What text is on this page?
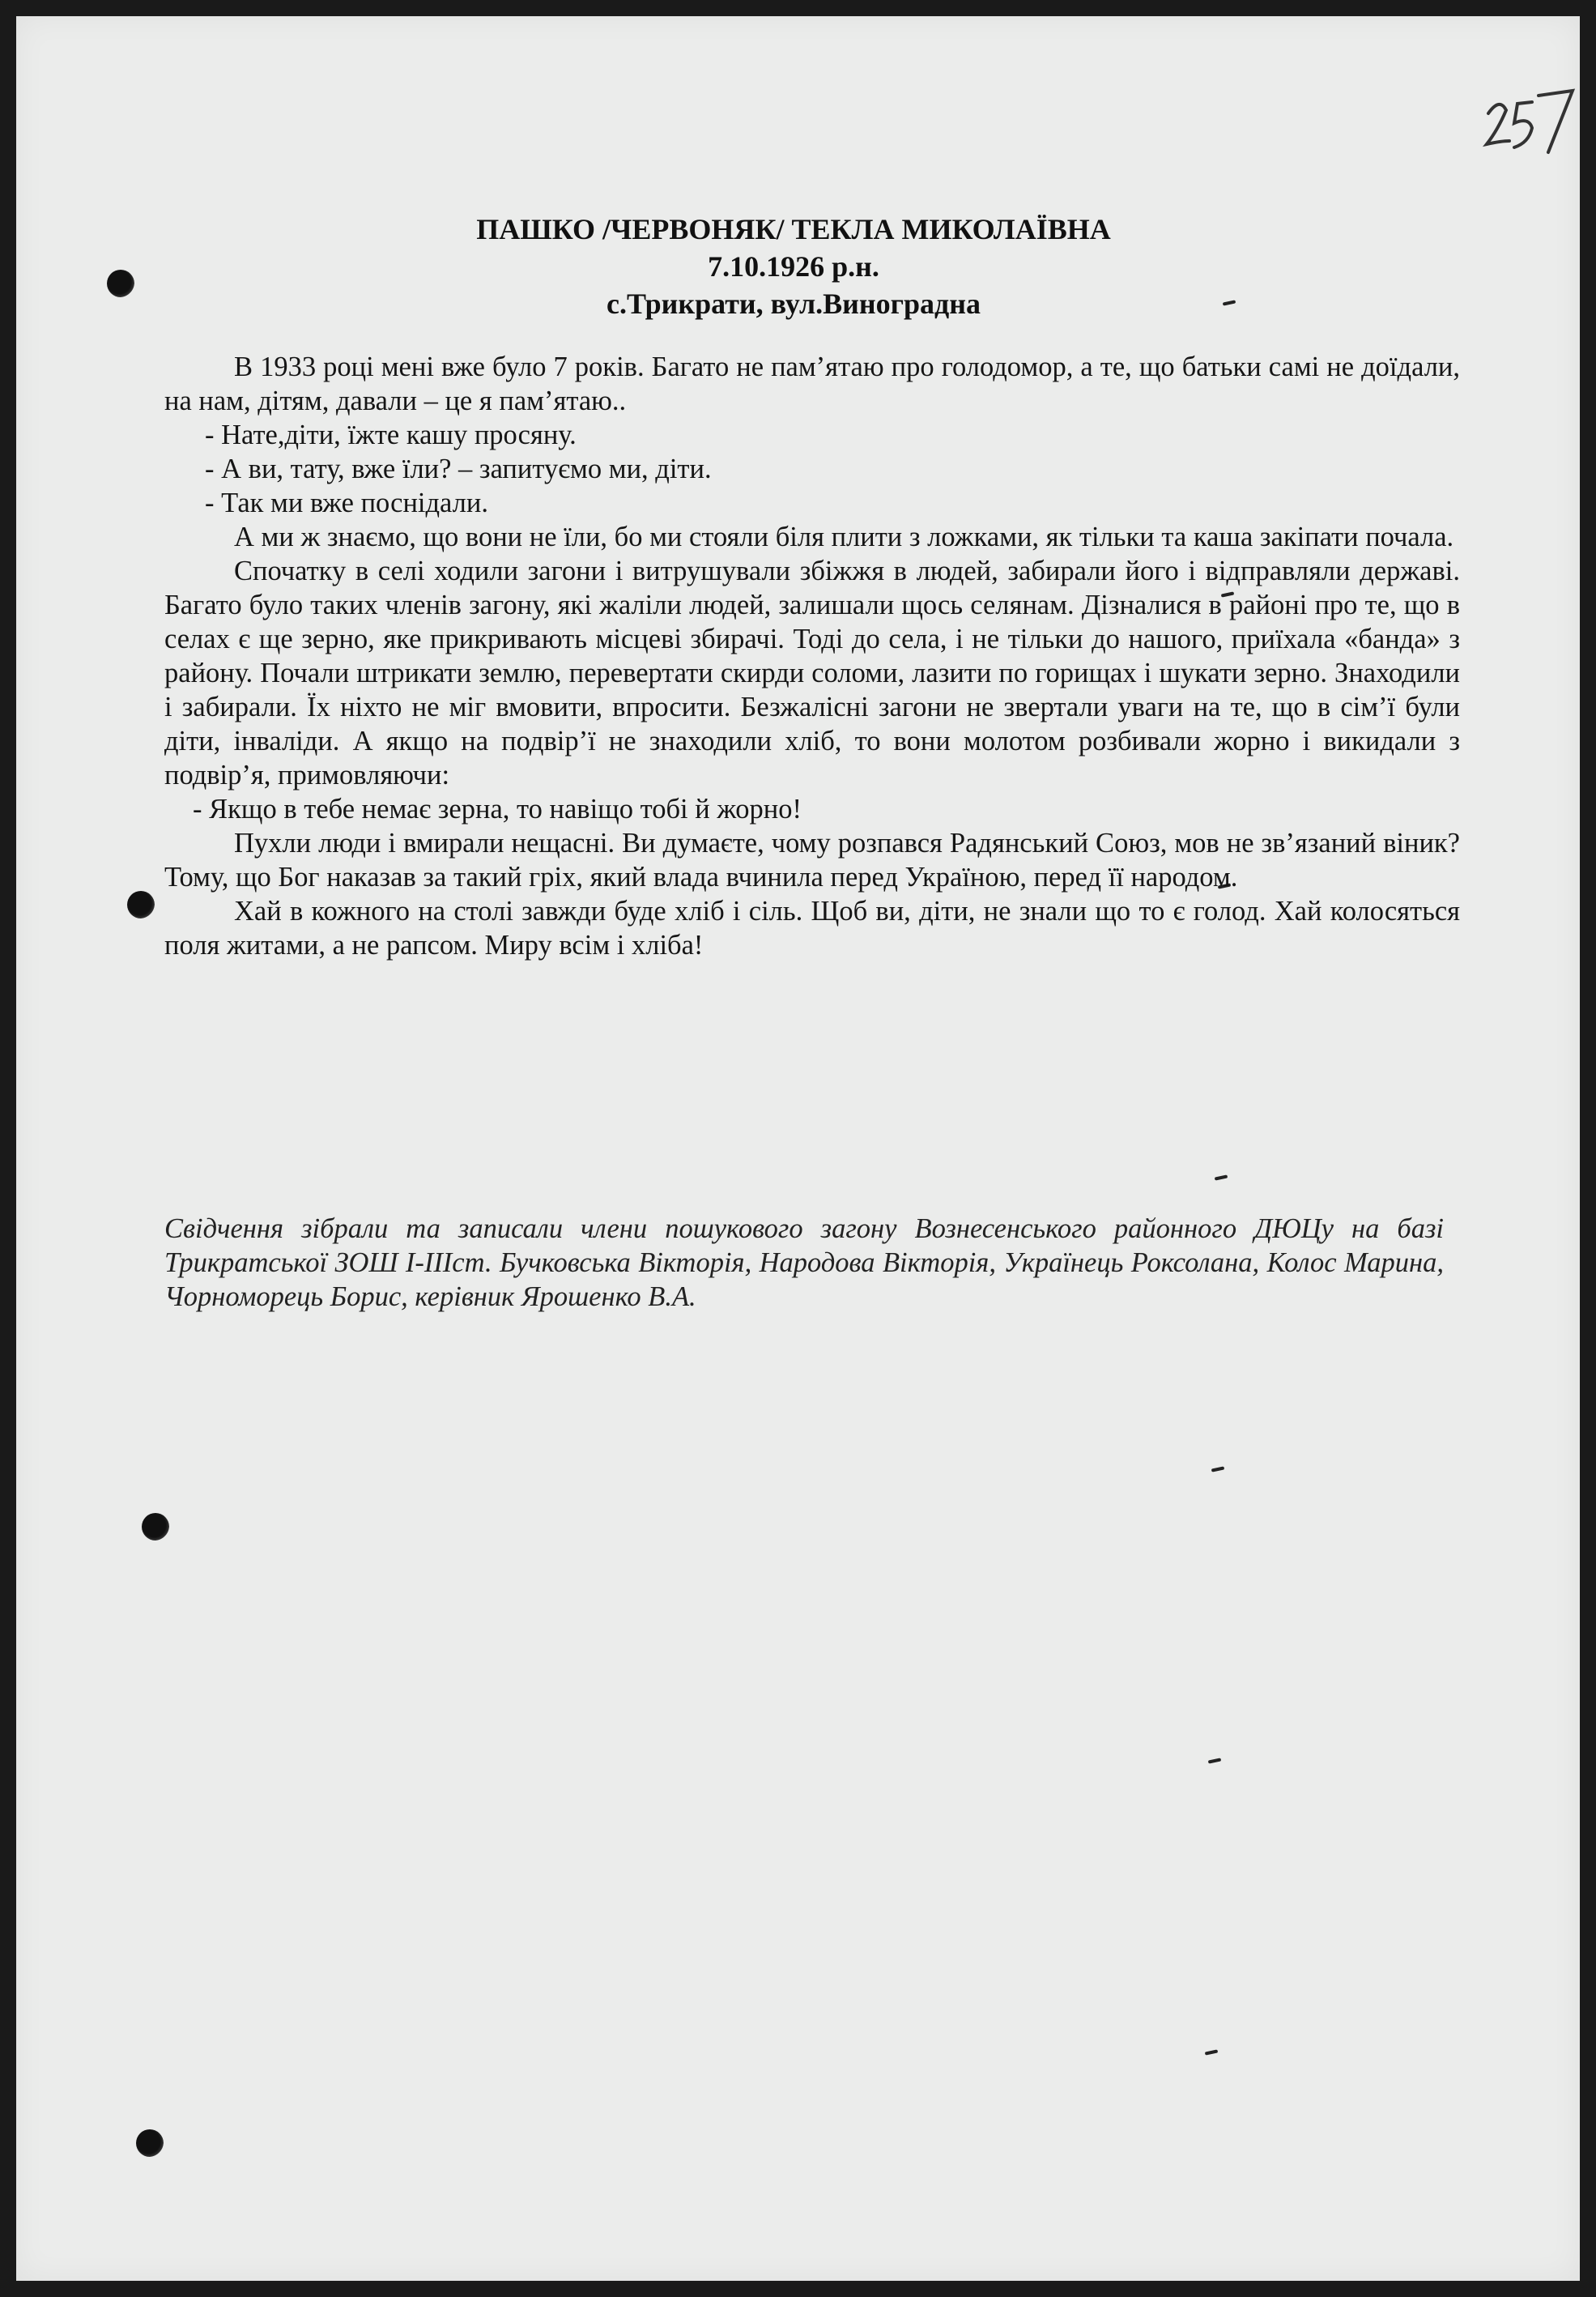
ПАШКО /ЧЕРВОНЯК/ ТЕКЛА МИКОЛАЇВНА
7.10.1926 р.н.
с.Трикрати, вул.Виноградна

В 1933 році мені вже було 7 років. Багато не пам’ятаю про голодомор, а те, що батьки самі не доїдали, на нам, дітям, давали – це я пам’ятаю..

- Нате,діти, їжте кашу просяну.

- А ви, тату, вже їли? – запитуємо ми, діти.

- Так ми вже поснідали.

А ми ж знаємо, що вони не їли, бо ми стояли біля плити з ложками, як тільки та каша закіпати почала.

Спочатку в селі ходили загони і витрушували збіжжя в людей, забирали його і відправляли державі. Багато було таких членів загону, які жаліли людей, залишали щось селянам. Дізналися в районі про те, що в селах є ще зерно, яке прикривають місцеві збирачі. Тоді до села, і не тільки до нашого, приїхала «банда» з району. Почали штрикати землю, перевертати скирди соломи, лазити по горищах і шукати зерно. Знаходили і забирали. Їх ніхто не міг вмовити, впросити. Безжалісні загони не звертали уваги на те, що в сім’ї були діти, інваліди. А якщо на подвір’ї не знаходили хліб, то вони молотом розбивали жорно і викидали з подвір’я, примовляючи:

- Якщо в тебе немає зерна, то навіщо тобі й жорно!

Пухли люди і вмирали нещасні. Ви думаєте, чому розпався Радянський Союз, мов не зв’язаний віник? Тому, що Бог наказав за такий гріх, який влада вчинила перед Україною, перед її народом.

Хай в кожного на столі завжди буде хліб і сіль. Щоб ви, діти, не знали що то є голод. Хай колосяться поля житами, а не рапсом. Миру всім і хліба!

Свідчення зібрали та записали члени пошукового загону Вознесенського районного ДЮЦу на базі Трикратської ЗОШ І-ІІІст. Бучковська Вікторія, Народова Вікторія, Українець Роксолана, Колос Марина, Чорноморець Борис, керівник Ярошенко В.А.
